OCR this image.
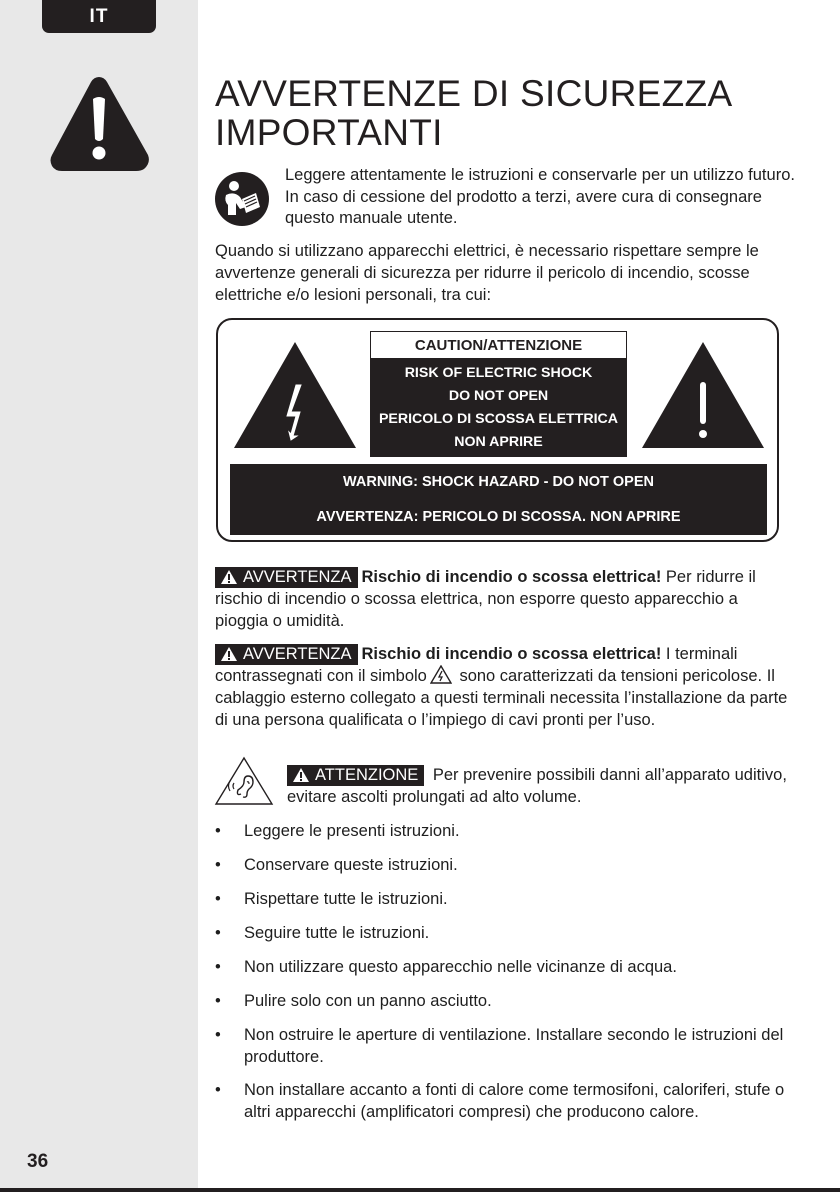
IT
36
AVVERTENZE DI SICUREZZA IMPORTANTI

Leggere attentamente le istruzioni e conservarle per un utilizzo futuro. In caso di cessione del prodotto a terzi, avere cura di consegnare questo manuale utente.

Quando si utilizzano apparecchi elettrici, è necessario rispettare sempre le avvertenze generali di sicurezza per ridurre il pericolo di incendio, scosse elettriche e/o lesioni personali, tra cui:

CAUTION/ATTENZIONE
RISK OF ELECTRIC SHOCK
DO NOT OPEN
PERICOLO DI SCOSSA ELETTRICA
NON APRIRE
WARNING: SHOCK HAZARD - DO NOT OPEN
AVVERTENZA: PERICOLO DI SCOSSA. NON APRIRE

AVVERTENZA Rischio di incendio o scossa elettrica! Per ridurre il rischio di incendio o scossa elettrica, non esporre questo apparecchio a pioggia o umidità.

AVVERTENZA Rischio di incendio o scossa elettrica! I terminali contrassegnati con il simbolo sono caratterizzati da tensioni pericolose. Il cablaggio esterno collegato a questi terminali necessita l’installazione da parte di una persona qualificata o l’impiego di cavi pronti per l’uso.

ATTENZIONE Per prevenire possibili danni all’apparato uditivo, evitare ascolti prolungati ad alto volume.

• Leggere le presenti istruzioni.
• Conservare queste istruzioni.
• Rispettare tutte le istruzioni.
• Seguire tutte le istruzioni.
• Non utilizzare questo apparecchio nelle vicinanze di acqua.
• Pulire solo con un panno asciutto.
• Non ostruire le aperture di ventilazione. Installare secondo le istruzioni del produttore.
• Non installare accanto a fonti di calore come termosifoni, caloriferi, stufe o altri apparecchi (amplificatori compresi) che producono calore.
